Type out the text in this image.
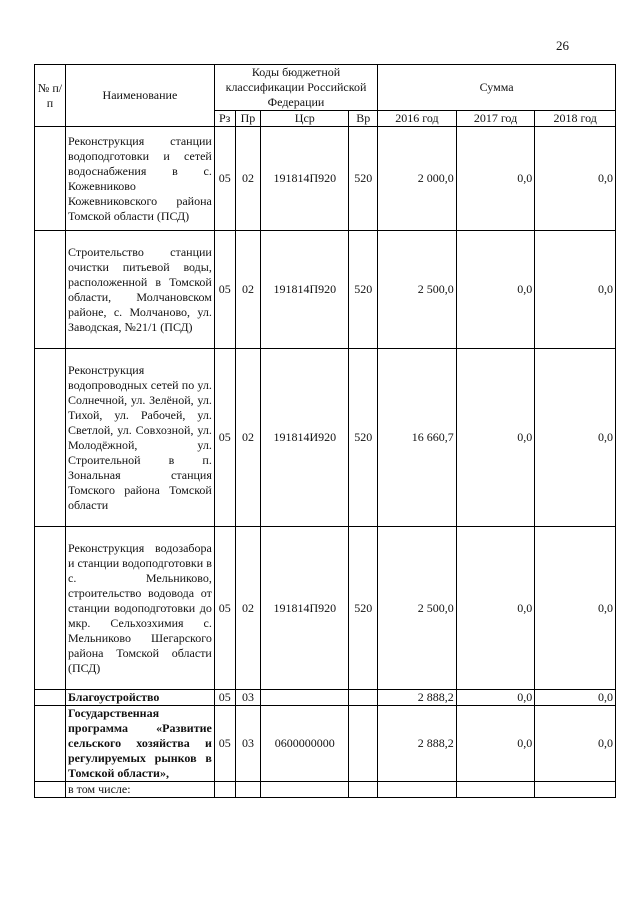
26
№ п/п	Наименование	Коды бюджетной классификации Российской Федерации				Сумма		
		Рз	Пр	Цср	Вр	2016 год	2017 год	2018 год
	Реконструкция станции водоподготовки и сетей водоснабжения в с. Кожевниково Кожевниковского района Томской области (ПСД)	05	02	191814П920	520	2 000,0	0,0	0,0
	Строительство станции очистки питьевой воды, расположенной в Томской области, Молчановском районе, с. Молчаново, ул. Заводская, №21/1 (ПСД)	05	02	191814П920	520	2 500,0	0,0	0,0
	Реконструкция водопроводных сетей по ул. Солнечной, ул. Зелёной, ул. Тихой, ул. Рабочей, ул. Светлой, ул. Совхозной, ул. Молодёжной, ул. Строительной в п. Зональная станция Томского района Томской области	05	02	191814И920	520	16 660,7	0,0	0,0
	Реконструкция водозабора и станции водоподготовки в с. Мельниково, строительство водовода от станции водоподготовки до мкр. Сельхозхимия с. Мельниково Шегарского района Томской области (ПСД)	05	02	191814П920	520	2 500,0	0,0	0,0
	Благоустройство	05	03			2 888,2	0,0	0,0
	Государственная программа «Развитие сельского хозяйства и регулируемых рынков в Томской области»,	05	03	0600000000		2 888,2	0,0	0,0
	в том числе:							
